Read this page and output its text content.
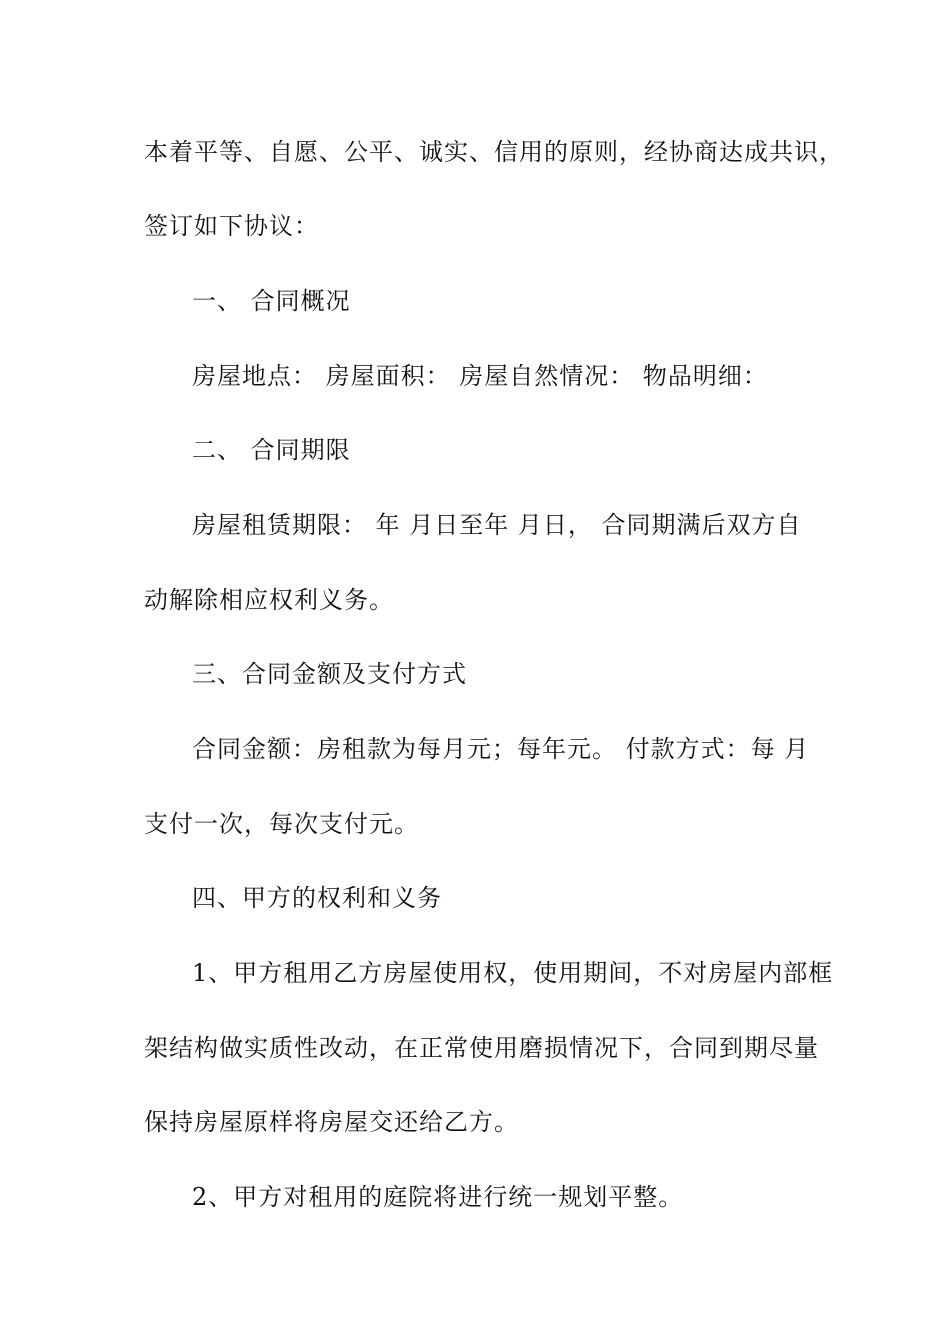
本着平等、自愿、公平、诚实、信用的原则，经协商达成共识，
签订如下协议：
一、 合同概况
房屋地点： 房屋面积： 房屋自然情况： 物品明细：
二、 合同期限
房屋租赁期限： 年 月日至年 月日， 合同期满后双方自
动解除相应权利义务。
三、合同金额及支付方式
合同金额：房租款为每月元；每年元。 付款方式：每 月
支付一次，每次支付元。
四、甲方的权利和义务
1、甲方租用乙方房屋使用权，使用期间，不对房屋内部框
架结构做实质性改动，在正常使用磨损情况下，合同到期尽量
保持房屋原样将房屋交还给乙方。
2、甲方对租用的庭院将进行统一规划平整。
